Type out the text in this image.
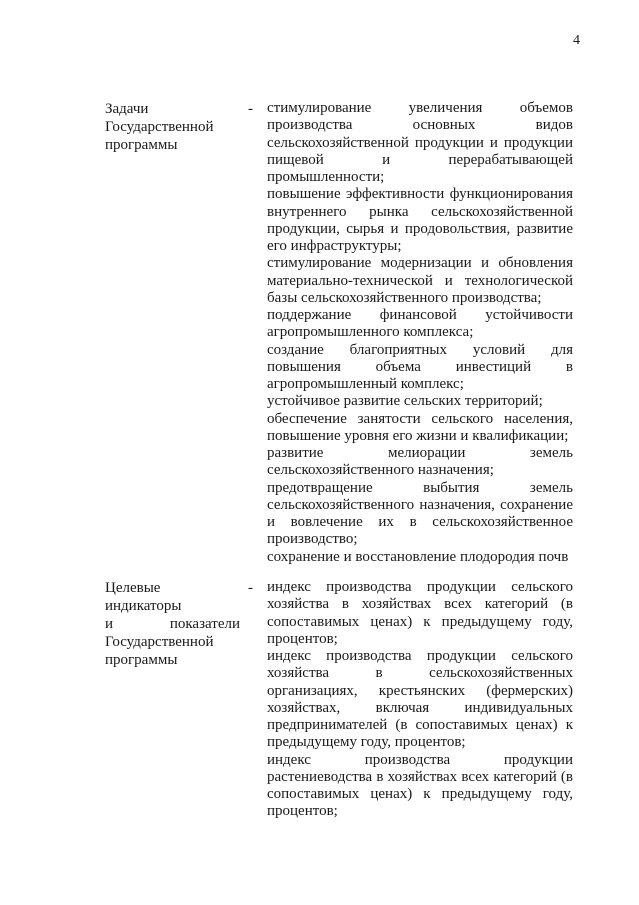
4
Задачи
Государственной
программы
- стимулирование увеличения объемов производства основных видов сельскохозяйственной продукции и продукции пищевой и перерабатывающей промышленности;

повышение эффективности функционирования внутреннего рынка сельскохозяйственной продукции, сырья и продовольствия, развитие его инфраструктуры;

стимулирование модернизации и обновления материально-технической и технологической базы сельскохозяйственного производства;

поддержание финансовой устойчивости агропромышленного комплекса;

создание благоприятных условий для повышения объема инвестиций в агропромышленный комплекс;

устойчивое развитие сельских территорий;

обеспечение занятости сельского населения, повышение уровня его жизни и квалификации;

развитие мелиорации земель сельскохозяйственного назначения;

предотвращение выбытия земель сельскохозяйственного назначения, сохранение и вовлечение их в сельскохозяйственное производство;

сохранение и восстановление плодородия почв

Целевые
индикаторы
и	показатели
Государственной
программы
- индекс производства продукции сельского хозяйства в хозяйствах всех категорий (в сопоставимых ценах) к предыдущему году, процентов;

индекс производства продукции сельского хозяйства в сельскохозяйственных организациях, крестьянских (фермерских) хозяйствах, включая индивидуальных предпринимателей (в сопоставимых ценах) к предыдущему году, процентов;

индекс производства продукции растениеводства в хозяйствах всех категорий (в сопоставимых ценах) к предыдущему году, процентов;
